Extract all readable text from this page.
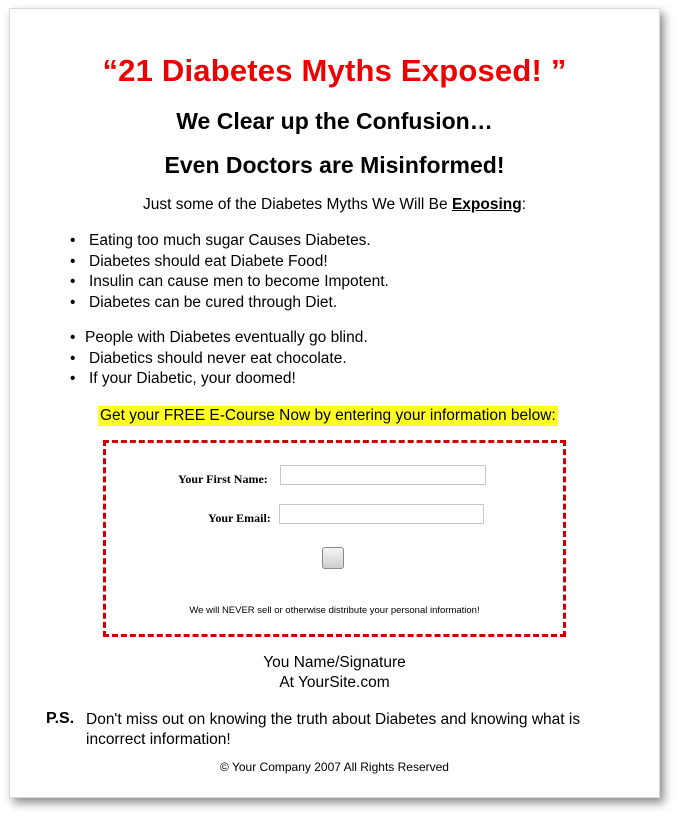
“21 Diabetes Myths Exposed! ”
We Clear up the Confusion…
Even Doctors are Misinformed!
Just some of the Diabetes Myths We Will Be Exposing:
• Eating too much sugar Causes Diabetes.
• Diabetes should eat Diabete Food!
• Insulin can cause men to become Impotent.
• Diabetes can be cured through Diet.
• People with Diabetes eventually go blind.
• Diabetics should never eat chocolate.
• If your Diabetic, your doomed!
Get your FREE E-Course Now by entering your information below:
Your First Name:
Your Email:
We will NEVER sell or otherwise distribute your personal information!
You Name/Signature
At YourSite.com
P.S. Don't miss out on knowing the truth about Diabetes and knowing what is incorrect information!
© Your Company 2007 All Rights Reserved
